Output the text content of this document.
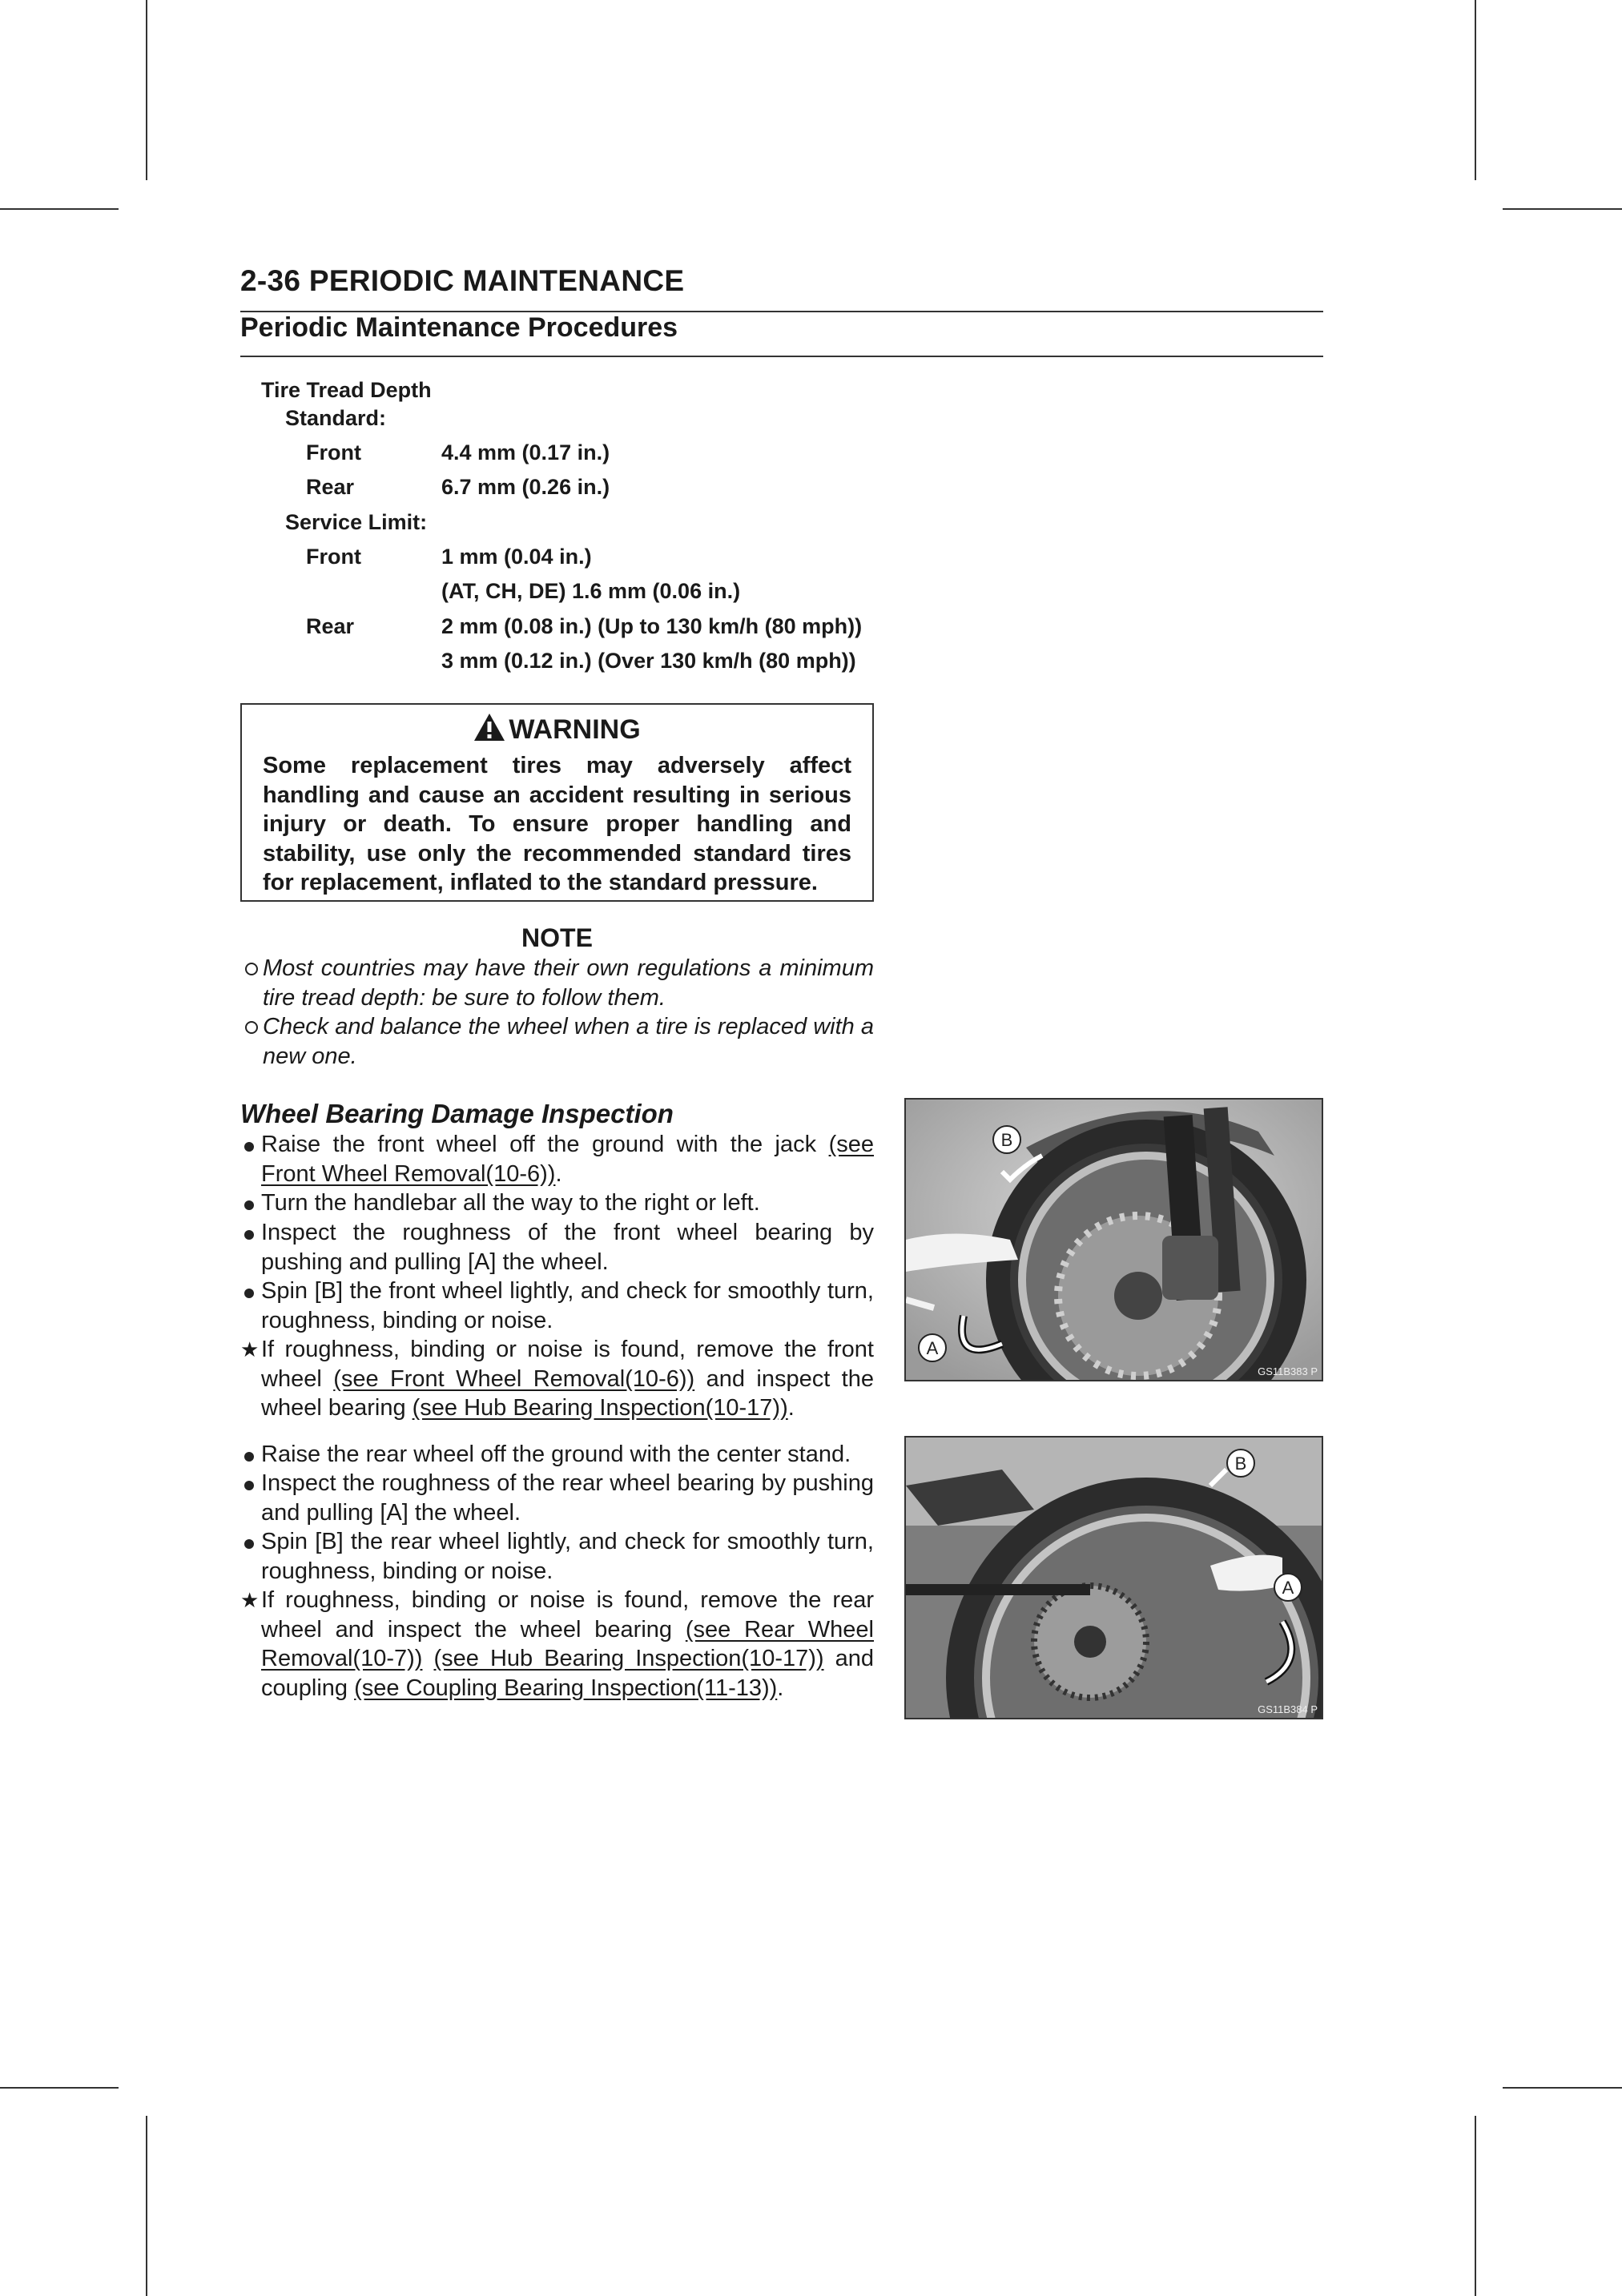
2-36 PERIODIC MAINTENANCE
Periodic Maintenance Procedures
Tire Tread Depth
Standard:
Front	4.4 mm (0.17 in.)
Rear	6.7 mm (0.26 in.)
Service Limit:
Front	1 mm (0.04 in.)
(AT, CH, DE) 1.6 mm (0.06 in.)
Rear	2 mm (0.08 in.) (Up to 130 km/h (80 mph))
3 mm (0.12 in.) (Over 130 km/h (80 mph))
WARNING
Some replacement tires may adversely affect handling and cause an accident resulting in serious injury or death. To ensure proper handling and stability, use only the recommended standard tires for replacement, inflated to the standard pressure.
NOTE
Most countries may have their own regulations a minimum tire tread depth: be sure to follow them.
Check and balance the wheel when a tire is replaced with a new one.
Wheel Bearing Damage Inspection
Raise the front wheel off the ground with the jack (see Front Wheel Removal(10-6)).
Turn the handlebar all the way to the right or left.
Inspect the roughness of the front wheel bearing by pushing and pulling [A] the wheel.
Spin [B] the front wheel lightly, and check for smoothly turn, roughness, binding or noise.
★ If roughness, binding or noise is found, remove the front wheel (see Front Wheel Removal(10-6)) and inspect the wheel bearing (see Hub Bearing Inspection(10-17)).
Raise the rear wheel off the ground with the center stand.
Inspect the roughness of the rear wheel bearing by pushing and pulling [A] the wheel.
Spin [B] the rear wheel lightly, and check for smoothly turn, roughness, binding or noise.
★ If roughness, binding or noise is found, remove the rear wheel and inspect the wheel bearing (see Rear Wheel Removal(10-7)) (see Hub Bearing Inspection(10-17)) and coupling (see Coupling Bearing Inspection(11-13)).
B
A
GS11B383 P
B
A
GS11B384 P
